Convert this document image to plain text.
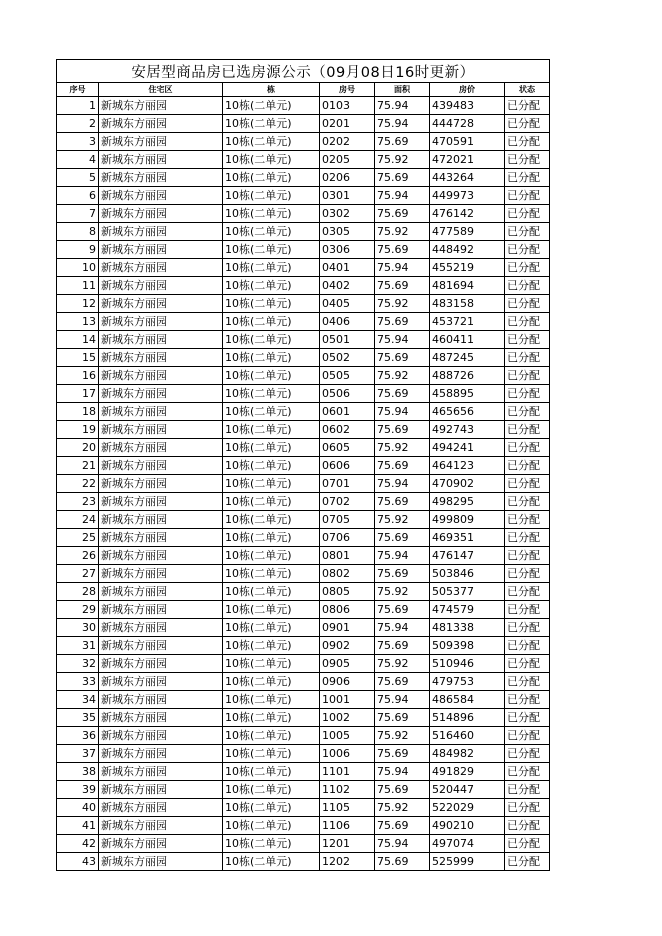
安居型商品房已选房源公示（09月08日16时更新）						
序号	住宅区	栋	房号	面积	房价	状态
1	新城东方丽园	10栋(二单元)	0103	75.94	439483	已分配
2	新城东方丽园	10栋(二单元)	0201	75.94	444728	已分配
3	新城东方丽园	10栋(二单元)	0202	75.69	470591	已分配
4	新城东方丽园	10栋(二单元)	0205	75.92	472021	已分配
5	新城东方丽园	10栋(二单元)	0206	75.69	443264	已分配
6	新城东方丽园	10栋(二单元)	0301	75.94	449973	已分配
7	新城东方丽园	10栋(二单元)	0302	75.69	476142	已分配
8	新城东方丽园	10栋(二单元)	0305	75.92	477589	已分配
9	新城东方丽园	10栋(二单元)	0306	75.69	448492	已分配
10	新城东方丽园	10栋(二单元)	0401	75.94	455219	已分配
11	新城东方丽园	10栋(二单元)	0402	75.69	481694	已分配
12	新城东方丽园	10栋(二单元)	0405	75.92	483158	已分配
13	新城东方丽园	10栋(二单元)	0406	75.69	453721	已分配
14	新城东方丽园	10栋(二单元)	0501	75.94	460411	已分配
15	新城东方丽园	10栋(二单元)	0502	75.69	487245	已分配
16	新城东方丽园	10栋(二单元)	0505	75.92	488726	已分配
17	新城东方丽园	10栋(二单元)	0506	75.69	458895	已分配
18	新城东方丽园	10栋(二单元)	0601	75.94	465656	已分配
19	新城东方丽园	10栋(二单元)	0602	75.69	492743	已分配
20	新城东方丽园	10栋(二单元)	0605	75.92	494241	已分配
21	新城东方丽园	10栋(二单元)	0606	75.69	464123	已分配
22	新城东方丽园	10栋(二单元)	0701	75.94	470902	已分配
23	新城东方丽园	10栋(二单元)	0702	75.69	498295	已分配
24	新城东方丽园	10栋(二单元)	0705	75.92	499809	已分配
25	新城东方丽园	10栋(二单元)	0706	75.69	469351	已分配
26	新城东方丽园	10栋(二单元)	0801	75.94	476147	已分配
27	新城东方丽园	10栋(二单元)	0802	75.69	503846	已分配
28	新城东方丽园	10栋(二单元)	0805	75.92	505377	已分配
29	新城东方丽园	10栋(二单元)	0806	75.69	474579	已分配
30	新城东方丽园	10栋(二单元)	0901	75.94	481338	已分配
31	新城东方丽园	10栋(二单元)	0902	75.69	509398	已分配
32	新城东方丽园	10栋(二单元)	0905	75.92	510946	已分配
33	新城东方丽园	10栋(二单元)	0906	75.69	479753	已分配
34	新城东方丽园	10栋(二单元)	1001	75.94	486584	已分配
35	新城东方丽园	10栋(二单元)	1002	75.69	514896	已分配
36	新城东方丽园	10栋(二单元)	1005	75.92	516460	已分配
37	新城东方丽园	10栋(二单元)	1006	75.69	484982	已分配
38	新城东方丽园	10栋(二单元)	1101	75.94	491829	已分配
39	新城东方丽园	10栋(二单元)	1102	75.69	520447	已分配
40	新城东方丽园	10栋(二单元)	1105	75.92	522029	已分配
41	新城东方丽园	10栋(二单元)	1106	75.69	490210	已分配
42	新城东方丽园	10栋(二单元)	1201	75.94	497074	已分配
43	新城东方丽园	10栋(二单元)	1202	75.69	525999	已分配
